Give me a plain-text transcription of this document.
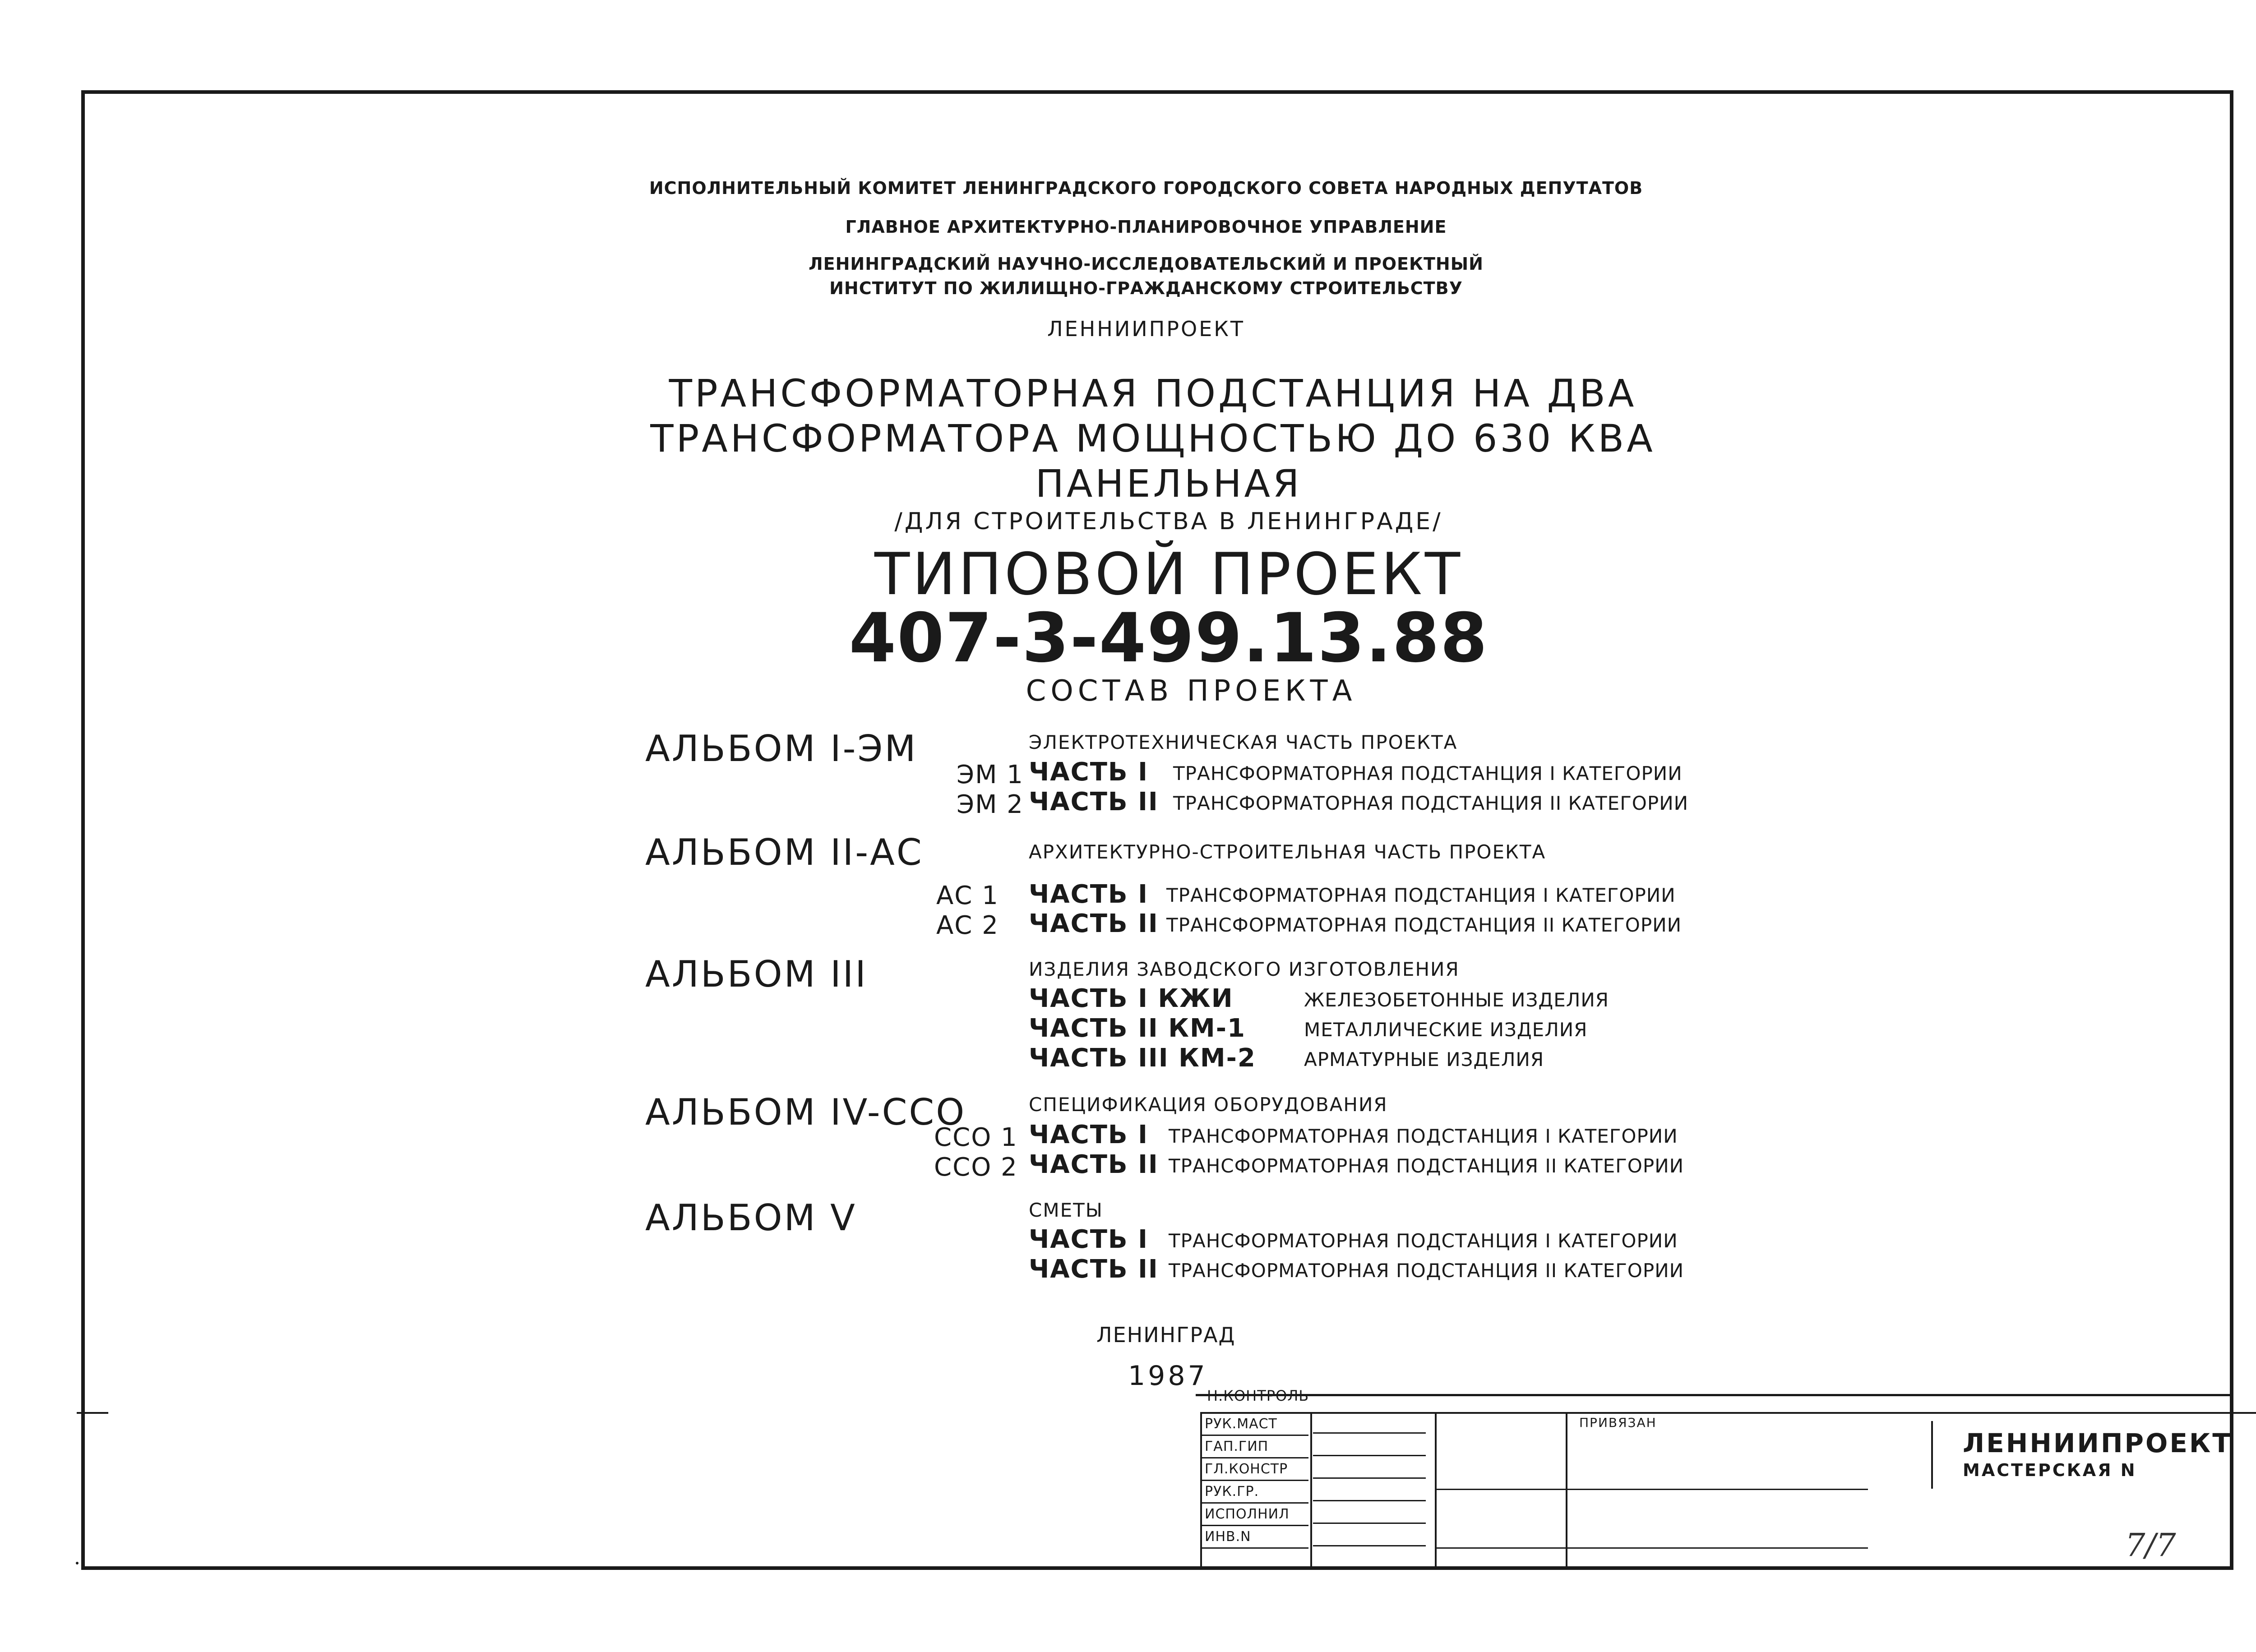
ИСПОЛНИТЕЛЬНЫЙ КОМИТЕТ ЛЕНИНГРАДСКОГО ГОРОДСКОГО СОВЕТА НАРОДНЫХ ДЕПУТАТОВ
ГЛАВНОЕ АРХИТЕКТУРНО-ПЛАНИРОВОЧНОЕ УПРАВЛЕНИЕ
ЛЕНИНГРАДСКИЙ НАУЧНО-ИССЛЕДОВАТЕЛЬСКИЙ И ПРОЕКТНЫЙ
ИНСТИТУТ ПО ЖИЛИЩНО-ГРАЖДАНСКОМУ СТРОИТЕЛЬСТВУ
ЛЕННИИПРОЕКТ
ТРАНСФОРМАТОРНАЯ ПОДСТАНЦИЯ НА ДВА
ТРАНСФОРМАТОРА МОЩНОСТЬЮ ДО 630 КВА
ПАНЕЛЬНАЯ
/ДЛЯ СТРОИТЕЛЬСТВА В ЛЕНИНГРАДЕ/
ТИПОВОЙ ПРОЕКТ
407-3-499.13.88
СОСТАВ ПРОЕКТА
АЛЬБОМ I-ЭМ	ЭЛЕКТРОТЕХНИЧЕСКАЯ ЧАСТЬ ПРОЕКТА
ЭМ 1 ЧАСТЬ I ТРАНСФОРМАТОРНАЯ ПОДСТАНЦИЯ I КАТЕГОРИИ
ЭМ 2 ЧАСТЬ II ТРАНСФОРМАТОРНАЯ ПОДСТАНЦИЯ II КАТЕГОРИИ
АЛЬБОМ II-АС	АРХИТЕКТУРНО-СТРОИТЕЛЬНАЯ ЧАСТЬ ПРОЕКТА
АС 1 ЧАСТЬ I ТРАНСФОРМАТОРНАЯ ПОДСТАНЦИЯ I КАТЕГОРИИ
АС 2 ЧАСТЬ II ТРАНСФОРМАТОРНАЯ ПОДСТАНЦИЯ II КАТЕГОРИИ
АЛЬБОМ III	ИЗДЕЛИЯ ЗАВОДСКОГО ИЗГОТОВЛЕНИЯ
ЧАСТЬ I КЖИ	ЖЕЛЕЗОБЕТОННЫЕ ИЗДЕЛИЯ
ЧАСТЬ II КМ-1	МЕТАЛЛИЧЕСКИЕ ИЗДЕЛИЯ
ЧАСТЬ III КМ-2	АРМАТУРНЫЕ ИЗДЕЛИЯ
АЛЬБОМ IV-ССО	СПЕЦИФИКАЦИЯ ОБОРУДОВАНИЯ
ССО 1 ЧАСТЬ I ТРАНСФОРМАТОРНАЯ ПОДСТАНЦИЯ I КАТЕГОРИИ
ССО 2 ЧАСТЬ II ТРАНСФОРМАТОРНАЯ ПОДСТАНЦИЯ II КАТЕГОРИИ
АЛЬБОМ V	СМЕТЫ
ЧАСТЬ I ТРАНСФОРМАТОРНАЯ ПОДСТАНЦИЯ I КАТЕГОРИИ
ЧАСТЬ II ТРАНСФОРМАТОРНАЯ ПОДСТАНЦИЯ II КАТЕГОРИИ
ЛЕНИНГРАД
1987
Н.КОНТРОЛЬ
РУК.МАСТ
ГАП.ГИП
ГЛ.КОНСТР
РУК.ГР.
ИСПОЛНИЛ
ИНВ.N
ПРИВЯЗАН
ЛЕННИИПРОЕКТ
МАСТЕРСКАЯ N
7/7
